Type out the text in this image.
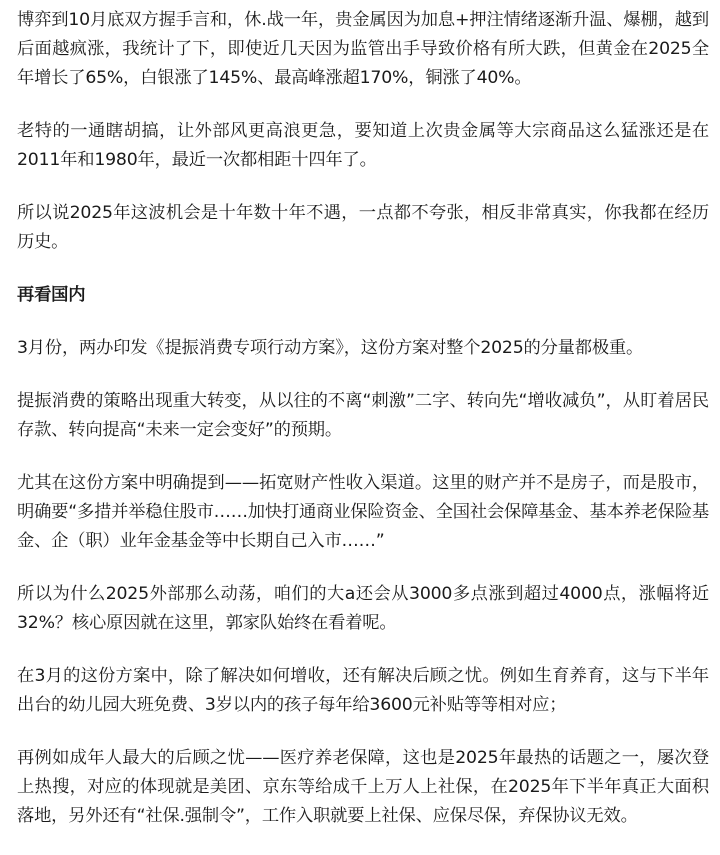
博弈到10月底双方握手言和，休.战一年，贵金属因为加息+押注情绪逐渐升温、爆棚，越到后面越疯涨，我统计了下，即使近几天因为监管出手导致价格有所大跌，但黄金在2025全年增长了65%，白银涨了145%、最高峰涨超170%，铜涨了40%。

老特的一通瞎胡搞，让外部风更高浪更急，要知道上次贵金属等大宗商品这么猛涨还是在2011年和1980年，最近一次都相距十四年了。

所以说2025年这波机会是十年数十年不遇，一点都不夸张，相反非常真实，你我都在经历历史。

再看国内

3月份，两办印发《提振消费专项行动方案》，这份方案对整个2025的分量都极重。

提振消费的策略出现重大转变，从以往的不离“刺激”二字、转向先“增收减负”，从盯着居民存款、转向提高“未来一定会变好”的预期。

尤其在这份方案中明确提到——拓宽财产性收入渠道。这里的财产并不是房子，而是股市，明确要“多措并举稳住股市……加快打通商业保险资金、全国社会保障基金、基本养老保险基金、企（职）业年金基金等中长期自己入市……”

所以为什么2025外部那么动荡，咱们的大a还会从3000多点涨到超过4000点，涨幅将近32%？核心原因就在这里，郭家队始终在看着呢。

在3月的这份方案中，除了解决如何增收，还有解决后顾之忧。例如生育养育，这与下半年出台的幼儿园大班免费、3岁以内的孩子每年给3600元补贴等等相对应；

再例如成年人最大的后顾之忧——医疗养老保障，这也是2025年最热的话题之一，屡次登上热搜，对应的体现就是美团、京东等给成千上万人上社保，在2025年下半年真正大面积落地，另外还有“社保.强制令”，工作入职就要上社保、应保尽保，弃保协议无效。
